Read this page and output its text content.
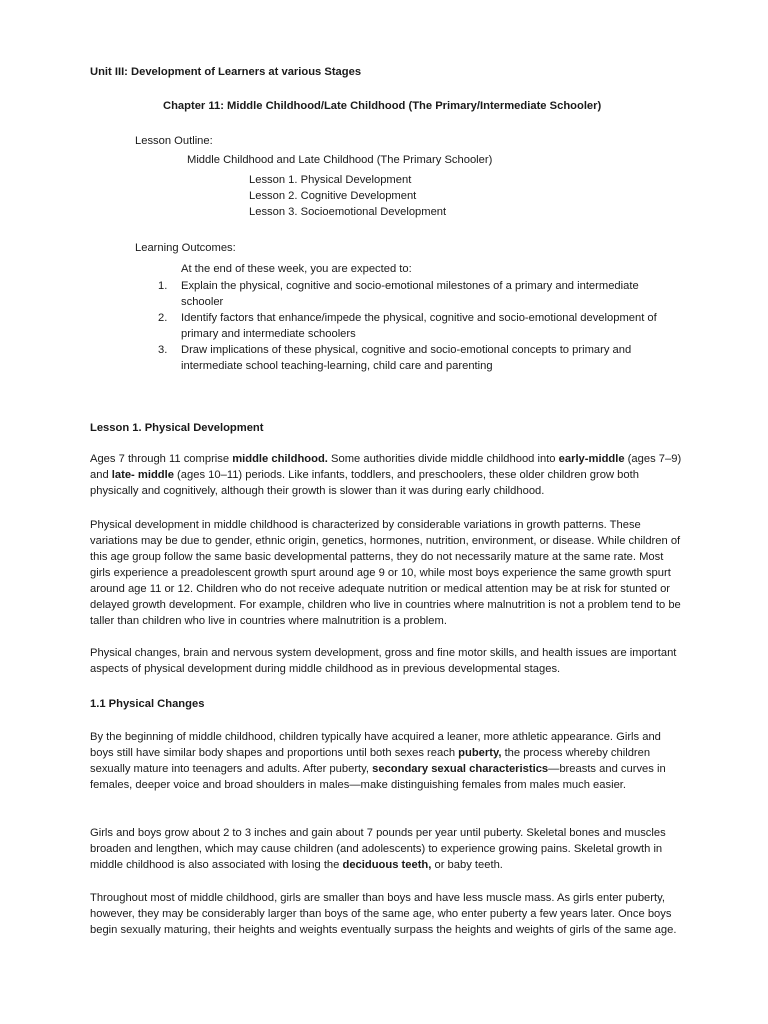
Unit III: Development of Learners at various Stages

Chapter 11: Middle Childhood/Late Childhood (The Primary/Intermediate Schooler)

Lesson Outline:

Middle Childhood and Late Childhood (The Primary Schooler)

Lesson 1. Physical Development

Lesson 2. Cognitive Development

Lesson 3. Socioemotional Development

Learning Outcomes:

At the end of these week, you are expected to:

1. Explain the physical, cognitive and socio-emotional milestones of a primary and intermediate schooler
2. Identify factors that enhance/impede the physical, cognitive and socio-emotional development of primary and intermediate schoolers
3. Draw implications of these physical, cognitive and socio-emotional concepts to primary and intermediate school teaching-learning, child care and parenting

Lesson 1. Physical Development

Ages 7 through 11 comprise middle childhood. Some authorities divide middle childhood into early-middle (ages 7–9) and late- middle (ages 10–11) periods. Like infants, toddlers, and preschoolers, these older children grow both physically and cognitively, although their growth is slower than it was during early childhood.

Physical development in middle childhood is characterized by considerable variations in growth patterns. These variations may be due to gender, ethnic origin, genetics, hormones, nutrition, environment, or disease. While children of this age group follow the same basic developmental patterns, they do not necessarily mature at the same rate. Most girls experience a preadolescent growth spurt around age 9 or 10, while most boys experience the same growth spurt around age 11 or 12. Children who do not receive adequate nutrition or medical attention may be at risk for stunted or delayed growth development. For example, children who live in countries where malnutrition is not a problem tend to be taller than children who live in countries where malnutrition is a problem.

Physical changes, brain and nervous system development, gross and fine motor skills, and health issues are important aspects of physical development during middle childhood as in previous developmental stages.

1.1 Physical Changes

By the beginning of middle childhood, children typically have acquired a leaner, more athletic appearance. Girls and boys still have similar body shapes and proportions until both sexes reach puberty, the process whereby children sexually mature into teenagers and adults. After puberty, secondary sexual characteristics—breasts and curves in females, deeper voice and broad shoulders in males—make distinguishing females from males much easier.

Girls and boys grow about 2 to 3 inches and gain about 7 pounds per year until puberty. Skeletal bones and muscles broaden and lengthen, which may cause children (and adolescents) to experience growing pains. Skeletal growth in middle childhood is also associated with losing the deciduous teeth, or baby teeth.

Throughout most of middle childhood, girls are smaller than boys and have less muscle mass. As girls enter puberty, however, they may be considerably larger than boys of the same age, who enter puberty a few years later. Once boys begin sexually maturing, their heights and weights eventually surpass the heights and weights of girls of the same age.
